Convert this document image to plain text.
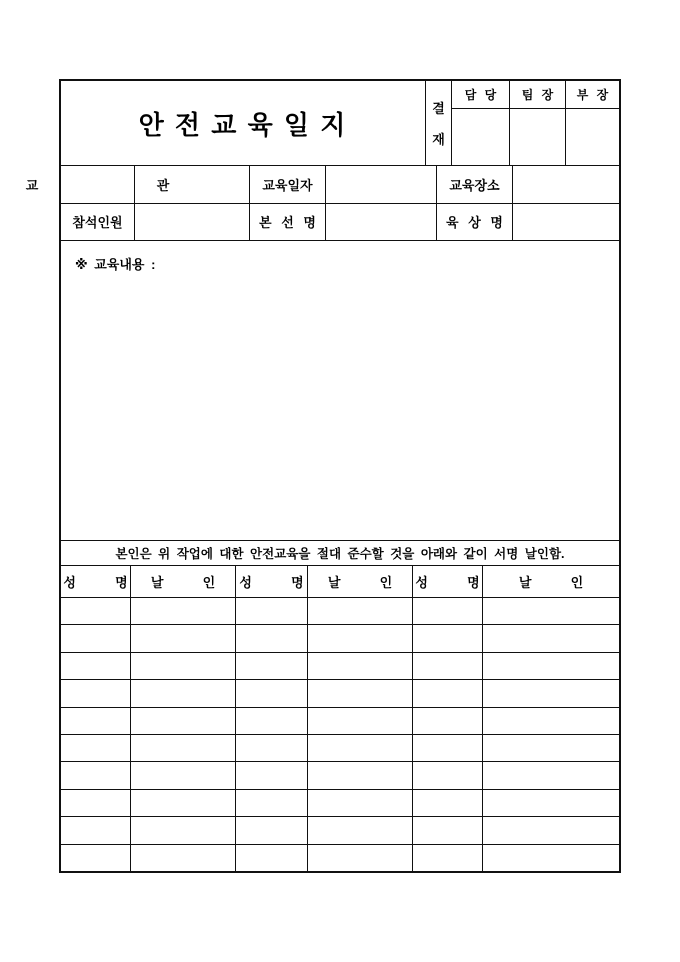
안 전 교 육 일 지
결
재
담 당	팀 장	부 장
교    관	교육일자	교육장소
참석인원	본 선 명	육 상 명
※ 교육내용 :
본인은 위 작업에 대한 안전교육을 절대 준수할 것을 아래와 같이 서명 날인함.
성  명	날  인	성  명	날  인	성  명	날  인
